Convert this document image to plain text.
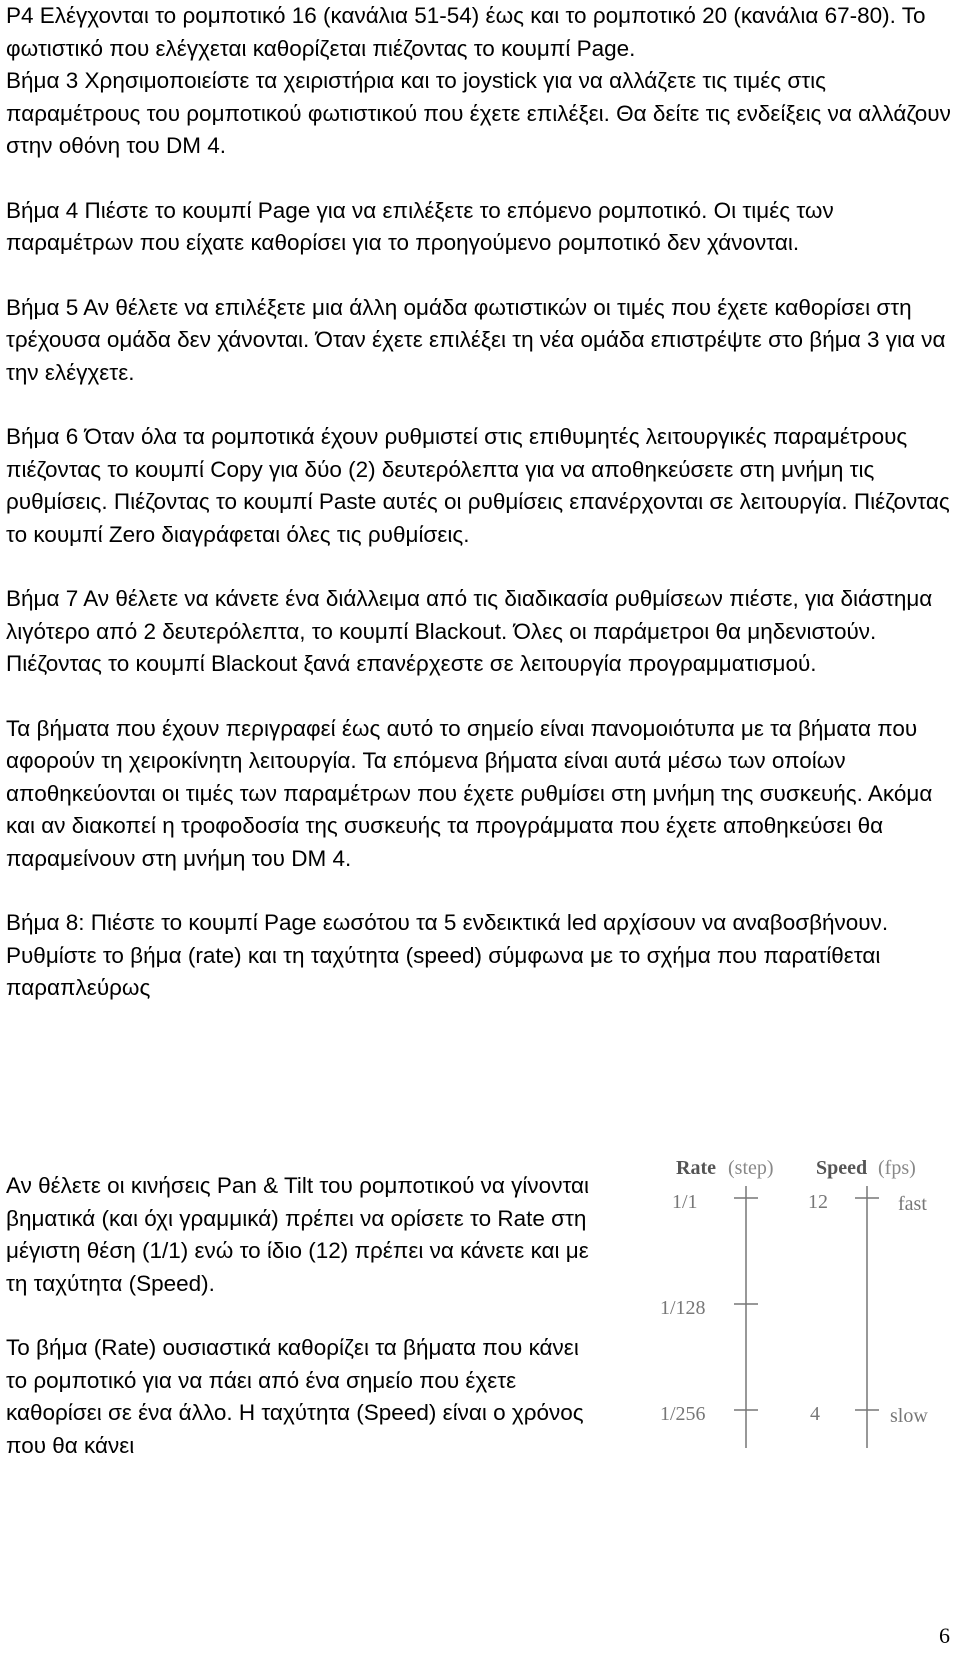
P4 Ελέγχονται το ρομποτικό 16 (κανάλια 51-54) έως και το ρομποτικό 20 (κανάλια 67-80). Το φωτιστικό που ελέγχεται καθορίζεται πιέζοντας το κουμπί Page.
Βήμα 3 Χρησιμοποιείστε τα χειριστήρια και το joystick για να αλλάζετε τις τιμές στις παραμέτρους του ρομποτικού φωτιστικού που έχετε επιλέξει. Θα δείτε τις ενδείξεις να αλλάζουν στην οθόνη του DM 4.

Βήμα 4 Πιέστε το κουμπί Page για να επιλέξετε το επόμενο ρομποτικό. Οι τιμές των παραμέτρων που είχατε καθορίσει για το προηγούμενο ρομποτικό δεν χάνονται.

Βήμα 5 Αν θέλετε να επιλέξετε μια άλλη ομάδα φωτιστικών οι τιμές που έχετε καθορίσει στη τρέχουσα ομάδα δεν χάνονται. Όταν έχετε επιλέξει τη νέα ομάδα επιστρέψτε στο βήμα 3 για να την ελέγχετε.

Βήμα 6 Όταν όλα τα ρομποτικά έχουν ρυθμιστεί στις επιθυμητές λειτουργικές παραμέτρους πιέζοντας το κουμπί Copy για δύο (2) δευτερόλεπτα για να αποθηκεύσετε στη μνήμη τις ρυθμίσεις. Πιέζοντας το κουμπί Paste αυτές οι ρυθμίσεις επανέρχονται σε λειτουργία. Πιέζοντας το κουμπί Zero διαγράφεται όλες τις ρυθμίσεις.

Βήμα 7 Αν θέλετε να κάνετε ένα διάλλειμα από τις διαδικασία ρυθμίσεων πιέστε, για διάστημα λιγότερο από 2 δευτερόλεπτα, το κουμπί Blackout. Όλες οι παράμετροι θα μηδενιστούν. Πιέζοντας το κουμπί Blackout ξανά επανέρχεστε σε λειτουργία προγραμματισμού.

Τα βήματα που έχουν περιγραφεί έως αυτό το σημείο είναι πανομοιότυπα με τα βήματα που αφορούν τη χειροκίνητη λειτουργία. Τα επόμενα βήματα είναι αυτά μέσω των οποίων αποθηκεύονται οι τιμές των παραμέτρων που έχετε ρυθμίσει στη μνήμη της συσκευής. Ακόμα και αν διακοπεί η τροφοδοσία της συσκευής τα προγράμματα που έχετε αποθηκεύσει θα παραμείνουν στη μνήμη του DM 4.

Βήμα 8: Πιέστε το κουμπί Page εωσότου τα 5 ενδεικτικά led αρχίσουν να αναβοσβήνουν. Ρυθμίστε το βήμα (rate) και τη ταχύτητα (speed) σύμφωνα με το σχήμα που παρατίθεται παραπλεύρως

Αν θέλετε οι κινήσεις Pan & Tilt του ρομποτικού να γίνονται βηματικά (και όχι γραμμικά) πρέπει να ορίσετε το Rate στη μέγιστη θέση (1/1) ενώ το ίδιο (12) πρέπει να κάνετε και με τη ταχύτητα (Speed).

Το βήμα (Rate) ουσιαστικά καθορίζει τα βήματα που κάνει το ρομποτικό για να πάει από ένα σημείο που έχετε καθορίσει σε ένα άλλο. Η ταχύτητα (Speed) είναι ο χρόνος που θα κάνει

Rate (step) Speed (fps)
1/1
1/128
1/256
12	fast
4	slow
6
